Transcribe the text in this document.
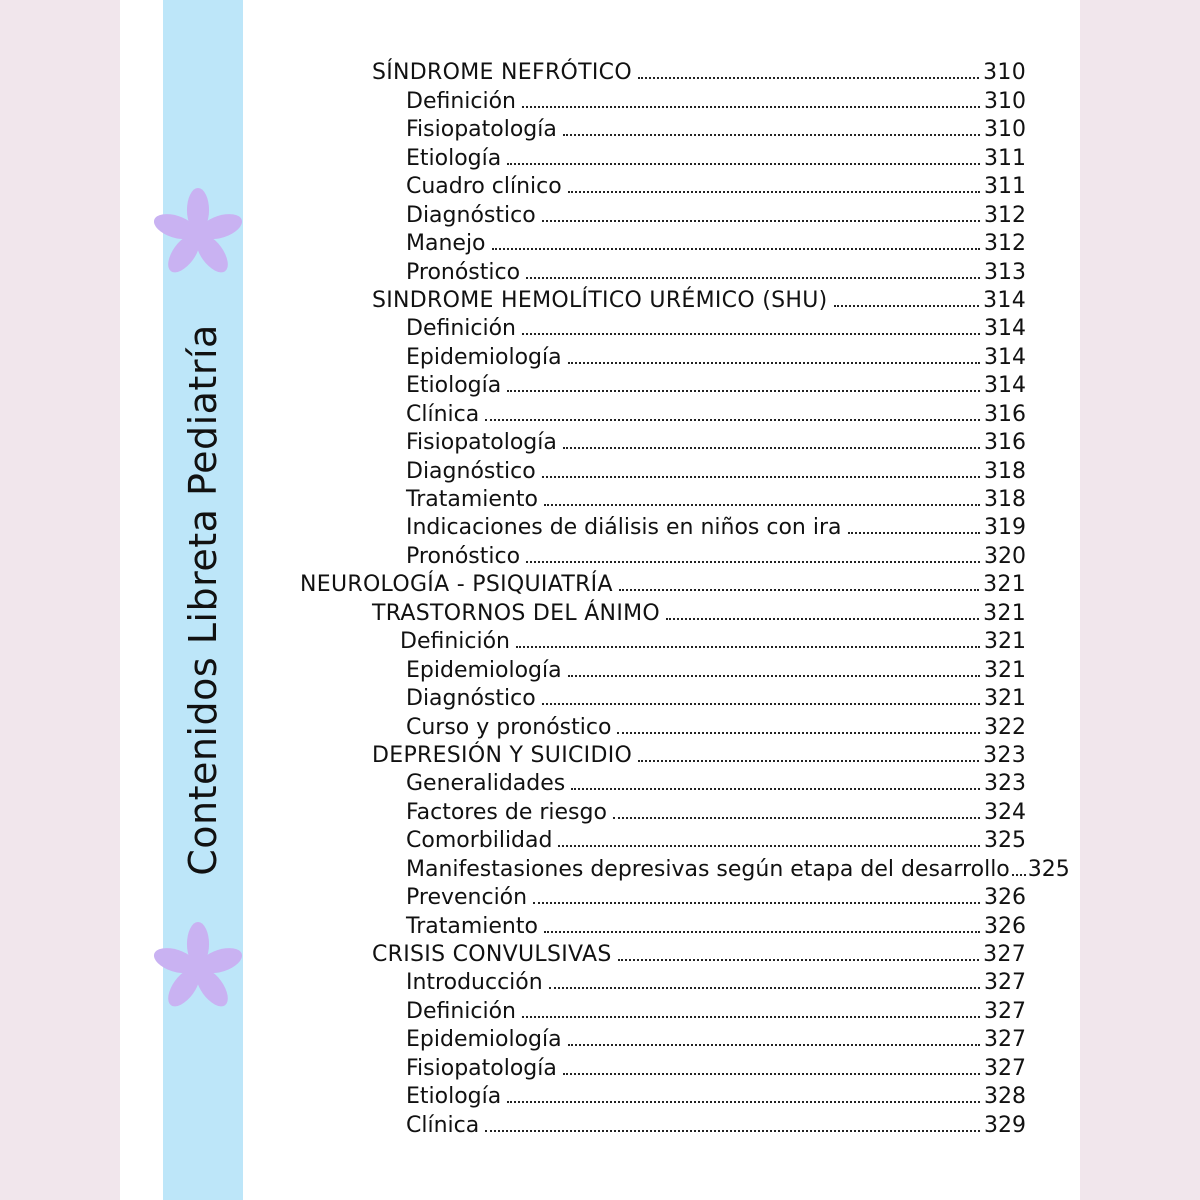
Contenidos Libreta Pediatría
SÍNDROME NEFRÓTICO	310
Definición	310
Fisiopatología	310
Etiología	311
Cuadro clínico	311
Diagnóstico	312
Manejo	312
Pronóstico	313
SINDROME HEMOLÍTICO URÉMICO (SHU)	314
Definición	314
Epidemiología	314
Etiología	314
Clínica	316
Fisiopatología	316
Diagnóstico	318
Tratamiento	318
Indicaciones de diálisis en niños con ira	319
Pronóstico	320
NEUROLOGÍA - PSIQUIATRÍA	321
TRASTORNOS DEL ÁNIMO	321
Definición	321
Epidemiología	321
Diagnóstico	321
Curso y pronóstico	322
DEPRESIÓN Y SUICIDIO	323
Generalidades	323
Factores de riesgo	324
Comorbilidad	325
Manifestasiones depresivas según etapa del desarrollo 325
Prevención	326
Tratamiento	326
CRISIS CONVULSIVAS	327
Introducción	327
Definición	327
Epidemiología	327
Fisiopatología	327
Etiología	328
Clínica	329
